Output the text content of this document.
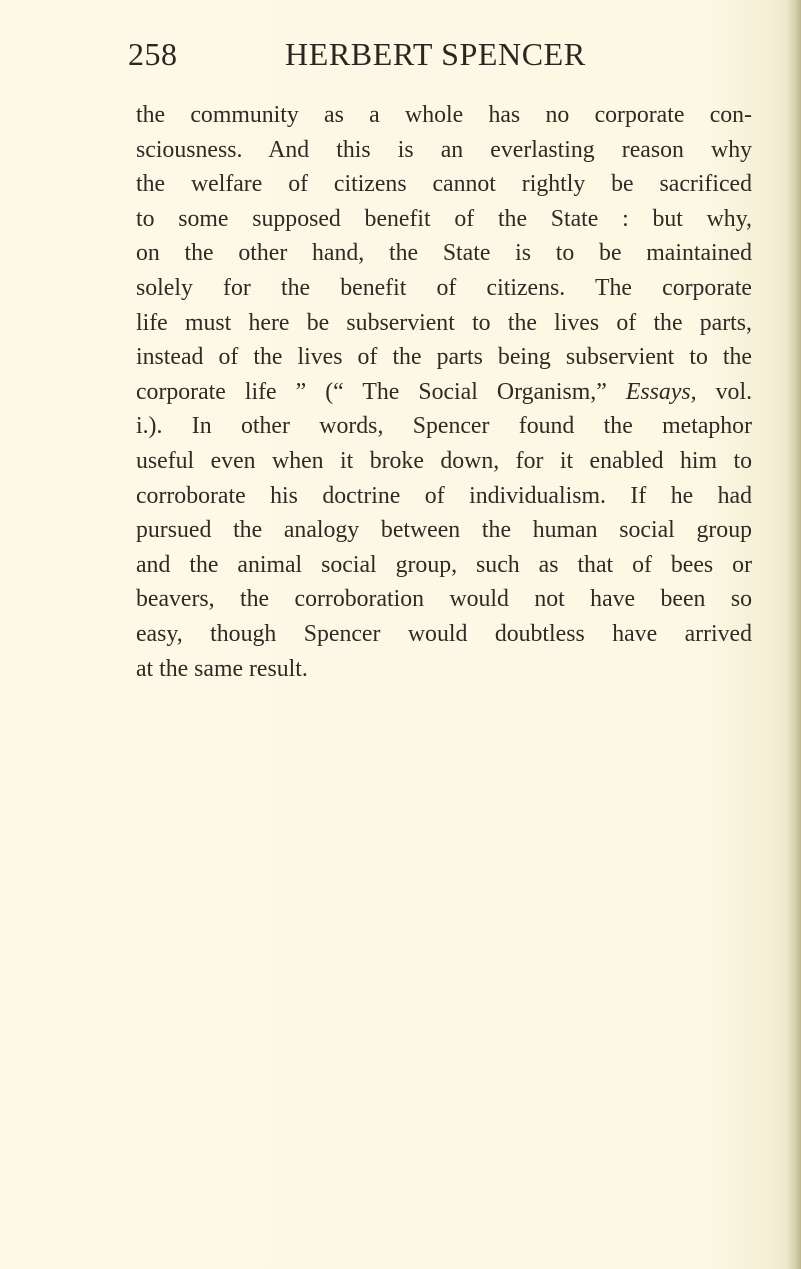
258	HERBERT SPENCER
the community as a whole has no corporate con-
sciousness. And this is an everlasting reason why
the welfare of citizens cannot rightly be sacrificed
to some supposed benefit of the State : but why,
on the other hand, the State is to be maintained
solely for the benefit of citizens. The corporate
life must here be subservient to the lives of the parts,
instead of the lives of the parts being subservient to the
corporate life ” (“ The Social Organism,” Essays, vol.
i.). In other words, Spencer found the metaphor
useful even when it broke down, for it enabled him to
corroborate his doctrine of individualism. If he had
pursued the analogy between the human social group
and the animal social group, such as that of bees or
beavers, the corroboration would not have been so
easy, though Spencer would doubtless have arrived
at the same result.
